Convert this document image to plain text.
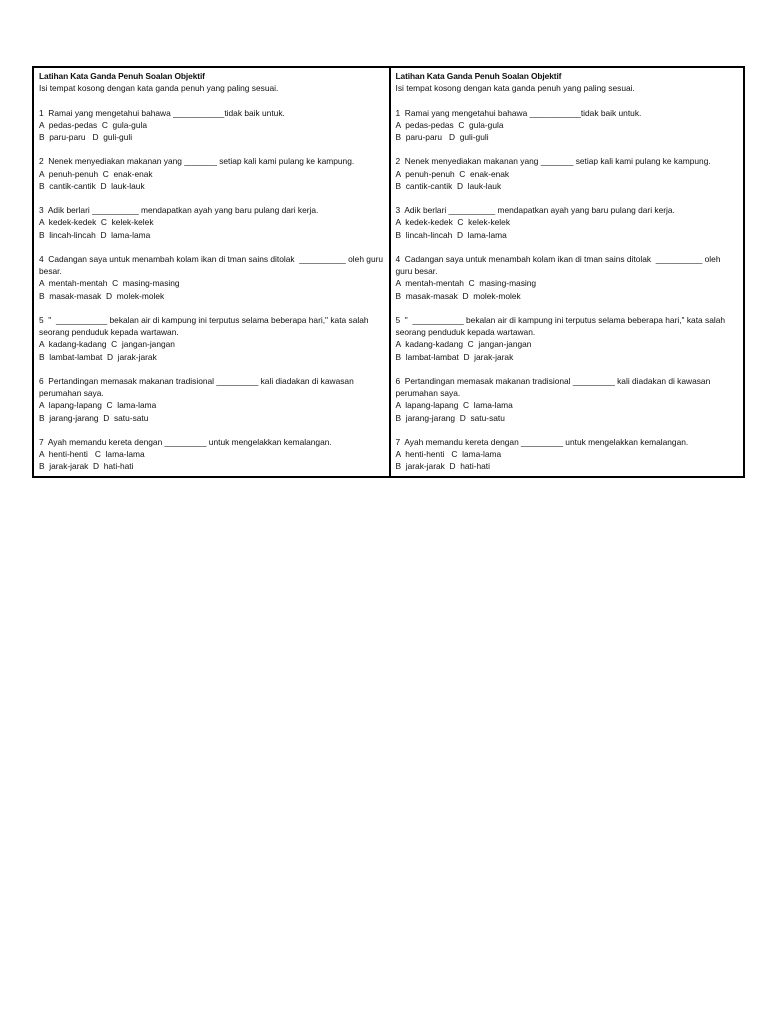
Latihan Kata Ganda Penuh Soalan Objektif
Isi tempat kosong dengan kata ganda penuh yang paling sesuai.
1  Ramai yang mengetahui bahawa ___________tidak baik untuk.
A  pedas-pedas  C  gula-gula
B  paru-paru   D  guli-guli
2  Nenek menyediakan makanan yang _______ setiap kali kami pulang ke kampung.
A  penuh-penuh  C  enak-enak
B  cantik-cantik  D  lauk-lauk
3  Adik berlari __________ mendapatkan ayah yang baru pulang dari kerja.
A  kedek-kedek  C  kelek-kelek
B  lincah-lincah  D  lama-lama
4  Cadangan saya untuk menambah kolam ikan di tman sains ditolak  __________ oleh guru besar.
A  mentah-mentah  C  masing-masing
B  masak-masak  D  molek-molek
5  "  ___________ bekalan air di kampung ini terputus selama beberapa hari," kata salah seorang penduduk kepada wartawan.
A  kadang-kadang  C  jangan-jangan
B  lambat-lambat  D  jarak-jarak
6  Pertandingan memasak makanan tradisional _________ kali diadakan di kawasan perumahan saya.
A  lapang-lapang  C  lama-lama
B  jarang-jarang  D  satu-satu
7  Ayah memandu kereta dengan _________ untuk mengelakkan kemalangan.
A  henti-henti   C  lama-lama
B  jarak-jarak  D  hati-hati
Latihan Kata Ganda Penuh Soalan Objektif
Isi tempat kosong dengan kata ganda penuh yang paling sesuai.
1  Ramai yang mengetahui bahawa ___________tidak baik untuk.
A  pedas-pedas  C  gula-gula
B  paru-paru   D  guli-guli
2  Nenek menyediakan makanan yang _______ setiap kali kami pulang ke kampung.
A  penuh-penuh  C  enak-enak
B  cantik-cantik  D  lauk-lauk
3  Adik berlari __________ mendapatkan ayah yang baru pulang dari kerja.
A  kedek-kedek  C  kelek-kelek
B  lincah-lincah  D  lama-lama
4  Cadangan saya untuk menambah kolam ikan di tman sains ditolak  __________ oleh guru besar.
A  mentah-mentah  C  masing-masing
B  masak-masak  D  molek-molek
5  "  ___________ bekalan air di kampung ini terputus selama beberapa hari," kata salah seorang penduduk kepada wartawan.
A  kadang-kadang  C  jangan-jangan
B  lambat-lambat  D  jarak-jarak
6  Pertandingan memasak makanan tradisional _________ kali diadakan di kawasan perumahan saya.
A  lapang-lapang  C  lama-lama
B  jarang-jarang  D  satu-satu
7  Ayah memandu kereta dengan _________ untuk mengelakkan kemalangan.
A  henti-henti   C  lama-lama
B  jarak-jarak  D  hati-hati
